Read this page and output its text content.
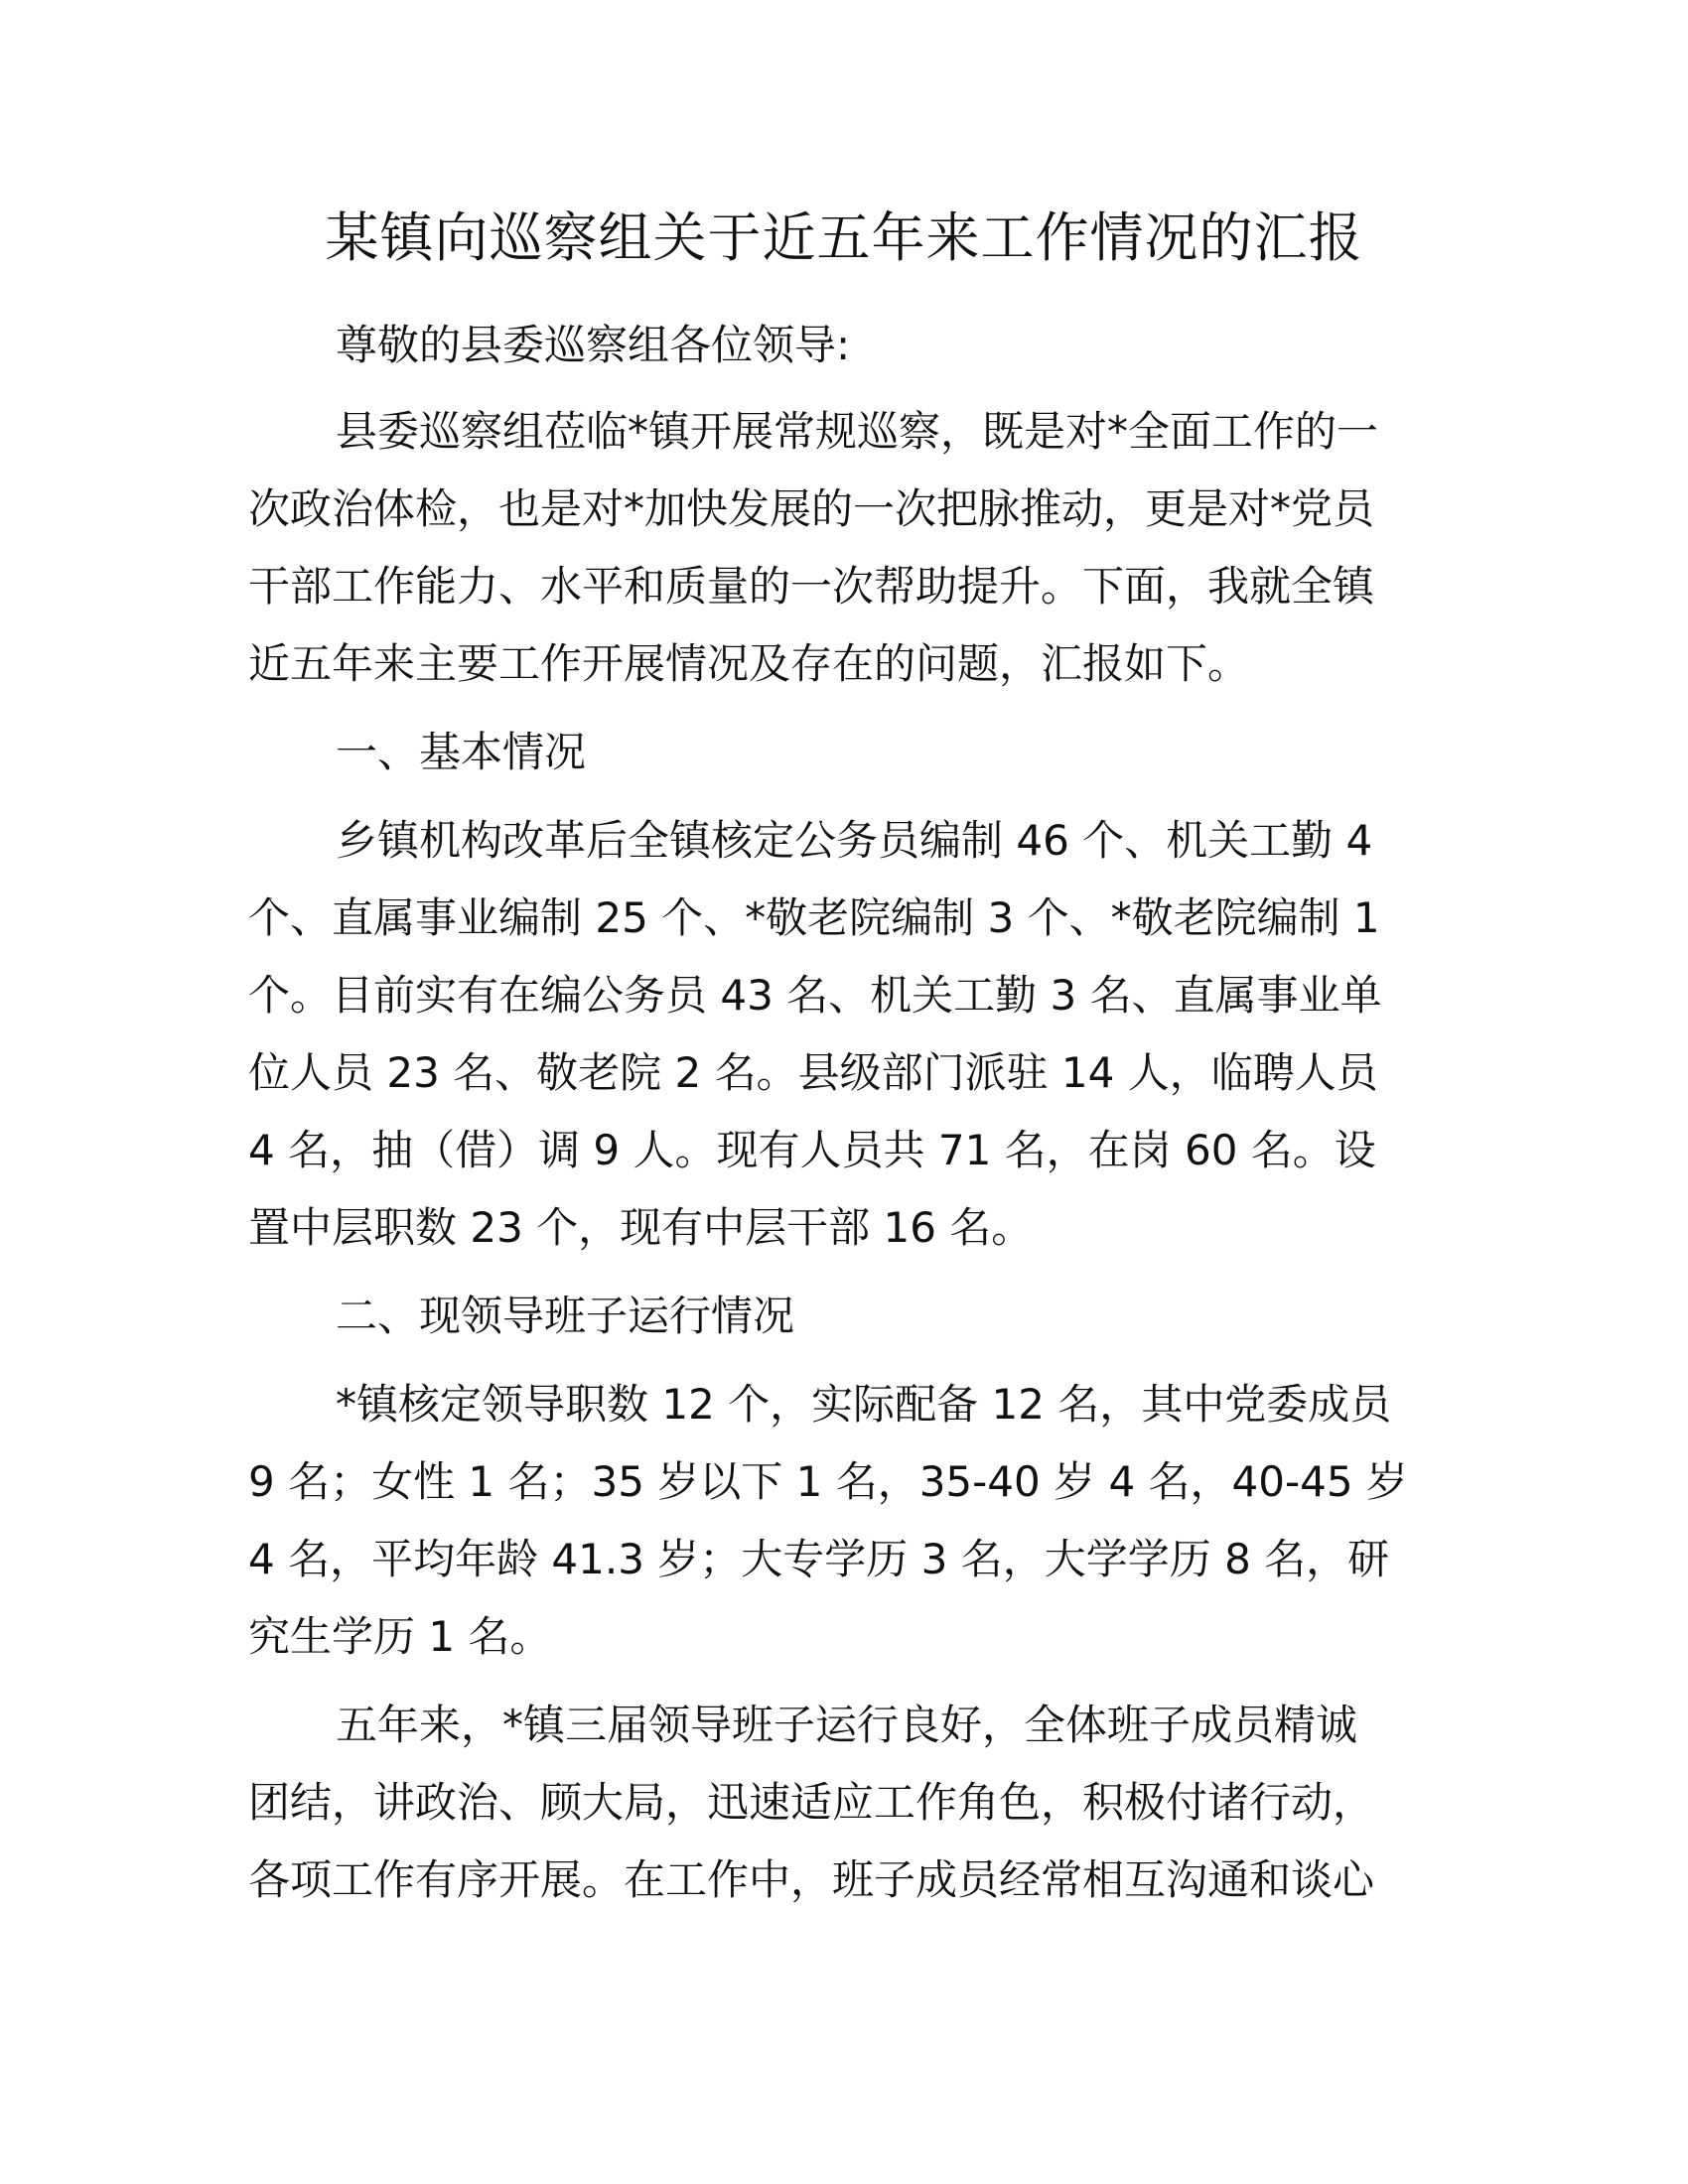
某镇向巡察组关于近五年来工作情况的汇报

尊敬的县委巡察组各位领导:

县委巡察组莅临*镇开展常规巡察，既是对*全面工作的一

次政治体检，也是对*加快发展的一次把脉推动，更是对*党员

干部工作能力、水平和质量的一次帮助提升。下面，我就全镇

近五年来主要工作开展情况及存在的问题，汇报如下。

一、基本情况

乡镇机构改革后全镇核定公务员编制 46 个、机关工勤 4

个、直属事业编制 25 个、*敬老院编制 3 个、*敬老院编制 1

个。目前实有在编公务员 43 名、机关工勤 3 名、直属事业单

位人员 23 名、敬老院 2 名。县级部门派驻 14 人，临聘人员

4 名，抽（借）调 9 人。现有人员共 71 名，在岗 60 名。设

置中层职数 23 个，现有中层干部 16 名。

二、现领导班子运行情况

*镇核定领导职数 12 个，实际配备 12 名，其中党委成员

9 名；女性 1 名；35 岁以下 1 名，35-40 岁 4 名，40-45 岁

4 名，平均年龄 41.3 岁；大专学历 3 名，大学学历 8 名，研

究生学历 1 名。

五年来，*镇三届领导班子运行良好，全体班子成员精诚

团结，讲政治、顾大局，迅速适应工作角色，积极付诸行动，

各项工作有序开展。在工作中，班子成员经常相互沟通和谈心
